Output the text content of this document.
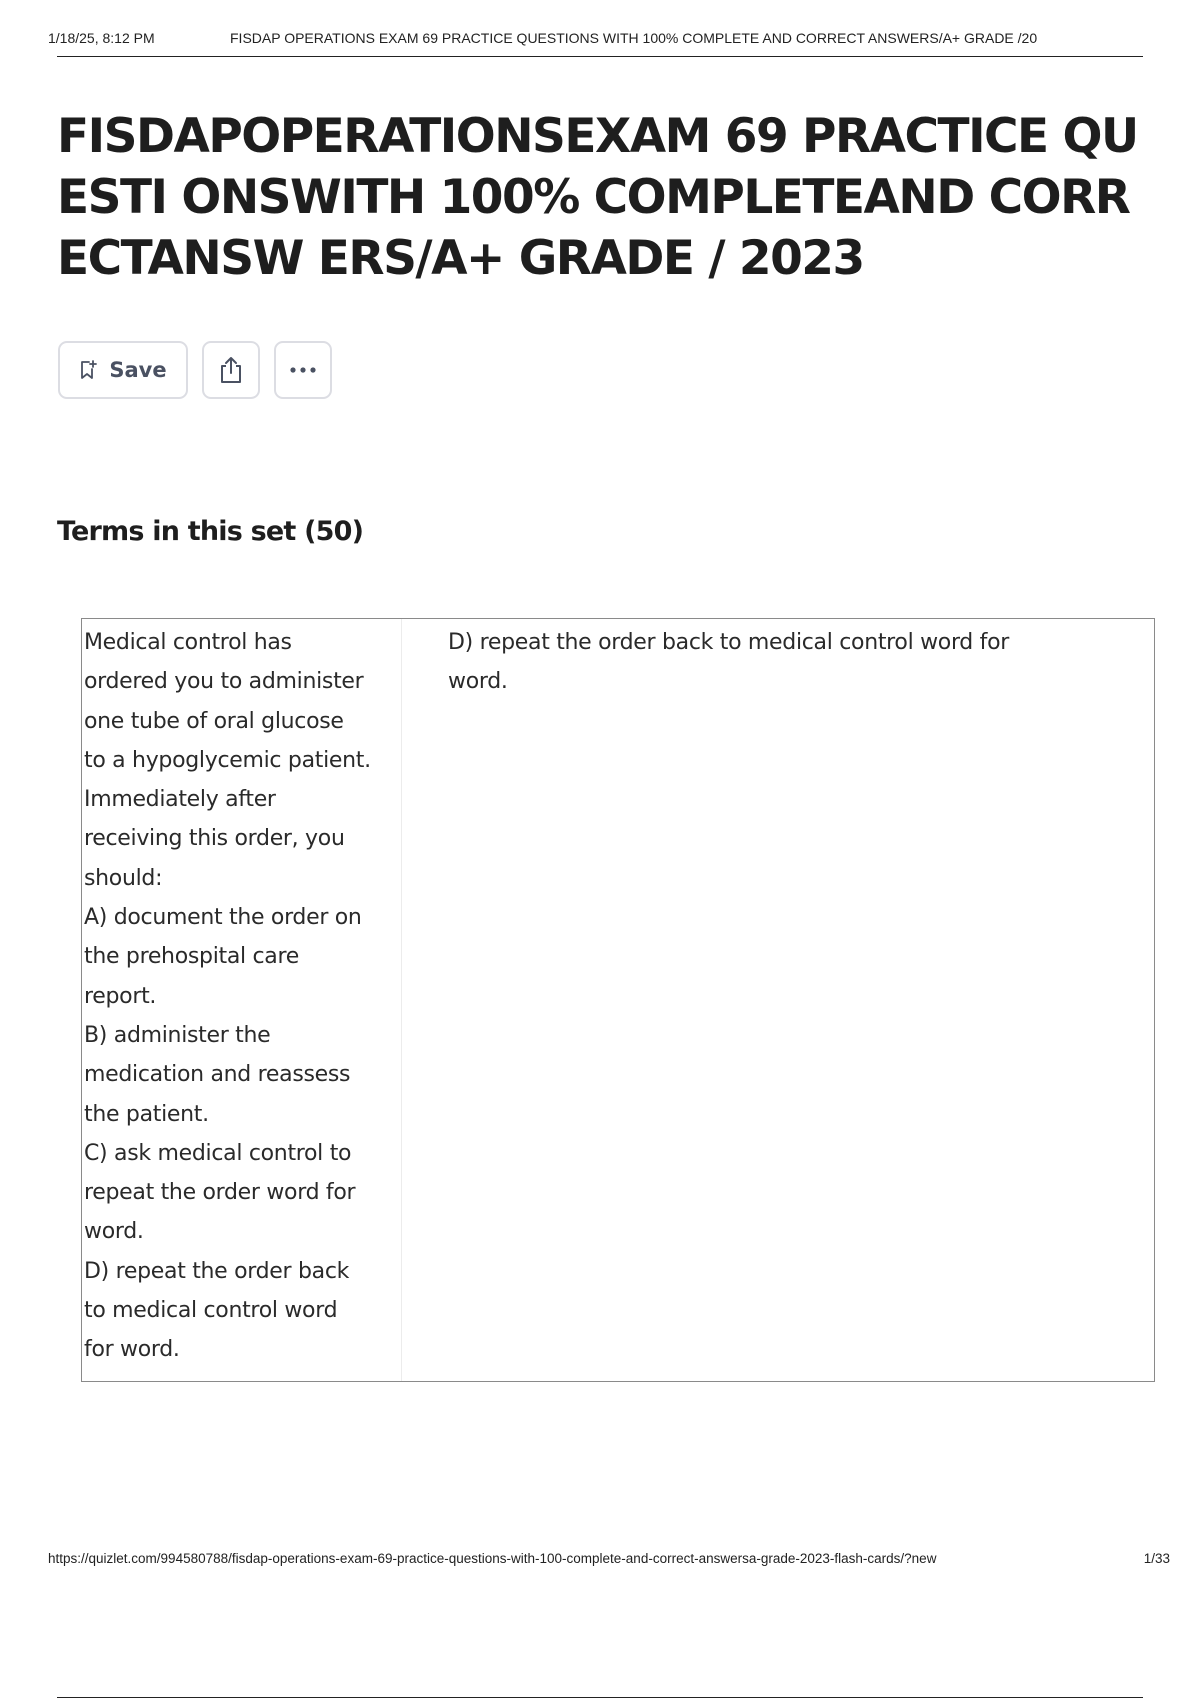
1/18/25, 8:12 PM	FISDAP OPERATIONS EXAM 69 PRACTICE QUESTIONS WITH 100% COMPLETE AND CORRECT ANSWERS/A+ GRADE /20
FISDAPOPERATIONSEXAM 69 PRACTICE QUESTI ONSWITH 100% COMPLETEAND CORRECTANSW ERS/A+ GRADE / 2023
Save
Terms in this set (50)

Medical control has
ordered you to administer
one tube of oral glucose
to a hypoglycemic patient.
Immediately after
receiving this order, you
should:
A) document the order on
the prehospital care
report.
B) administer the
medication and reassess
the patient.
C) ask medical control to
repeat the order word for
word.
D) repeat the order back
to medical control word
for word.

D) repeat the order back to medical control word for
word.

https://quizlet.com/994580788/fisdap-operations-exam-69-practice-questions-with-100-complete-and-correct-answersa-grade-2023-flash-cards/?new	1/33
